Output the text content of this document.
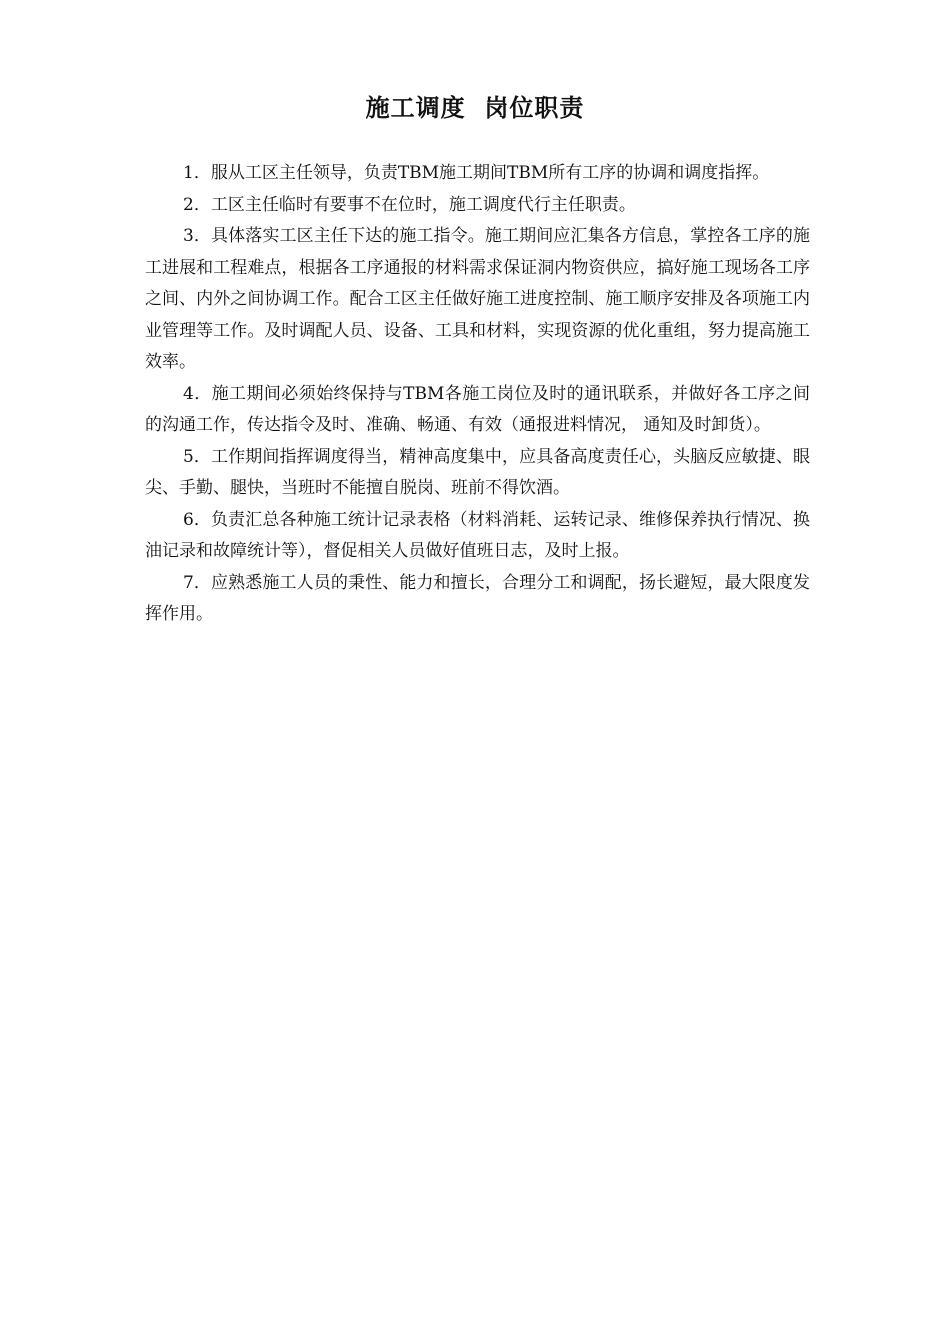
施工调度  岗位职责

1．服从工区主任领导，负责TBM施工期间TBM所有工序的协调和调度指挥。

2．工区主任临时有要事不在位时，施工调度代行主任职责。

3．具体落实工区主任下达的施工指令。施工期间应汇集各方信息，掌控各工序的施工进展和工程难点，根据各工序通报的材料需求保证洞内物资供应，搞好施工现场各工序之间、内外之间协调工作。配合工区主任做好施工进度控制、施工顺序安排及各项施工内业管理等工作。及时调配人员、设备、工具和材料，实现资源的优化重组，努力提高施工效率。

4．施工期间必须始终保持与TBM各施工岗位及时的通讯联系，并做好各工序之间的沟通工作，传达指令及时、准确、畅通、有效（通报进料情况， 通知及时卸货）。

5．工作期间指挥调度得当，精神高度集中，应具备高度责任心，头脑反应敏捷、眼尖、手勤、腿快，当班时不能擅自脱岗、班前不得饮酒。

6．负责汇总各种施工统计记录表格（材料消耗、运转记录、维修保养执行情况、换油记录和故障统计等），督促相关人员做好值班日志，及时上报。

7．应熟悉施工人员的秉性、能力和擅长，合理分工和调配，扬长避短，最大限度发挥作用。
